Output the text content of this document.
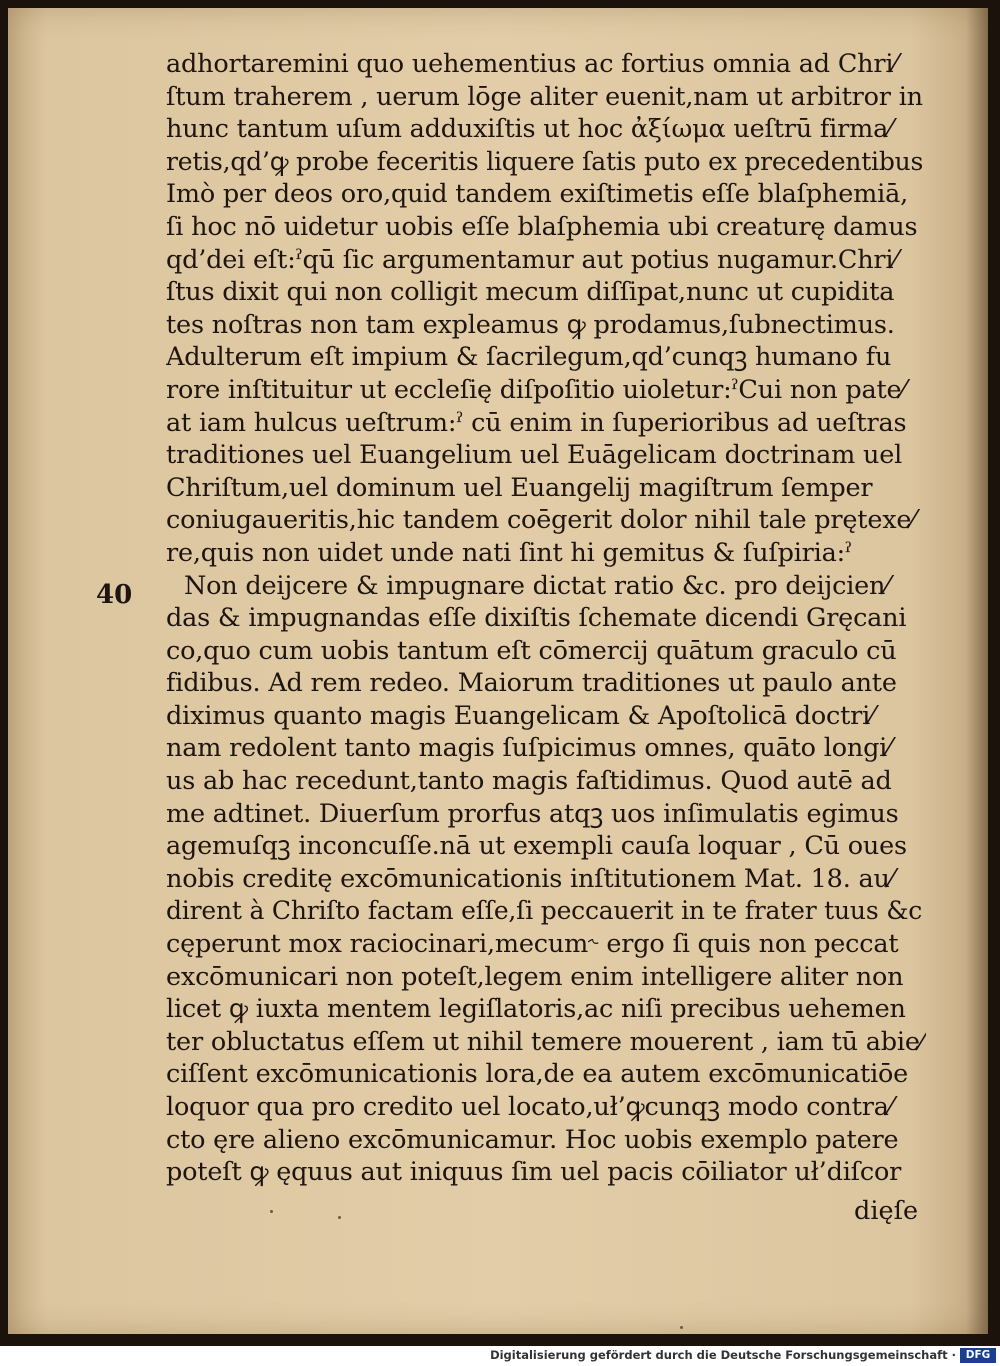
40
adhortaremini quo uehementius ac fortius omnia ad Chri⁄
ſtum traherem , uerum lōge aliter euenit,nam ut arbitror in
hunc tantum uſum adduxiſtis ut hoc ἀξίωμα ueſtrū firma⁄
retis,qd’ꝙ probe feceritis liquere ſatis puto ex precedentibus
Imò per deos oro,quid tandem exiſtimetis eſſe blaſphemiā,
ſi hoc nō uidetur uobis eſſe blaſphemia ubi creaturę damus
qd’dei eſt:ˀqū ſic argumentamur aut potius nugamur.Chri⁄
ſtus dixit qui non colligit mecum diſſipat,nunc ut cupidita
tes noſtras non tam expleamus ꝙ prodamus,ſubnectimus.
Adulterum eſt impium & ſacrilegum,qd’cunqꝫ humano fu
rore inſtituitur ut eccleſię diſpoſitio uioletur:ˀCui non pate⁄
at iam hulcus ueſtrum:ˀ cū enim in ſuperioribus ad ueſtras
traditiones uel Euangelium uel Euāgelicam doctrinam uel
Chriſtum,uel dominum uel Euangelij magiſtrum ſemper
coniugaueritis,hic tandem coēgerit dolor nihil tale prętexe⁄
re,quis non uidet unde nati ſint hi gemitus & ſuſpiria:ˀ
Non deijcere & impugnare dictat ratio &c. pro deijcien⁄
das & impugnandas eſſe dixiſtis ſchemate dicendi Gręcani
co,quo cum uobis tantum eſt cōmercij quātum graculo cū
fidibus. Ad rem redeo. Maiorum traditiones ut paulo ante
diximus quanto magis Euangelicam & Apoſtolicā doctri⁄
nam redolent tanto magis ſuſpicimus omnes, quāto longi⁄
us ab hac recedunt,tanto magis faſtidimus. Quod autē ad
me adtinet. Diuerſum prorfus atqꝫ uos inſimulatis egimus
agemuſqꝫ inconcuſſe.nā ut exempli cauſa loquar , Cū oues
nobis creditę excōmunicationis inſtitutionem Mat. 18. au⁄
dirent à Chriſto factam eſſe,ſi peccauerit in te frater tuus &c
cęperunt mox raciocinari,mecum˞ ergo ſi quis non peccat
excōmunicari non poteſt,legem enim intelligere aliter non
licet ꝙ iuxta mentem legiſlatoris,ac niſi precibus uehemen
ter obluctatus eſſem ut nihil temere mouerent , iam tū abie⁄
ciſſent excōmunicationis lora,de ea autem excōmunicatiōe
loquor qua pro credito uel locato,uł’ꝙcunqꝫ modo contra⁄
cto ęre alieno excōmunicamur. Hoc uobis exemplo patere
poteſt ꝙ ęquus aut iniquus ſim uel pacis cōiliator uł’diſcor
dięſe
Digitalisierung gefördert durch die Deutsche Forschungsgemeinschaft · DFG
